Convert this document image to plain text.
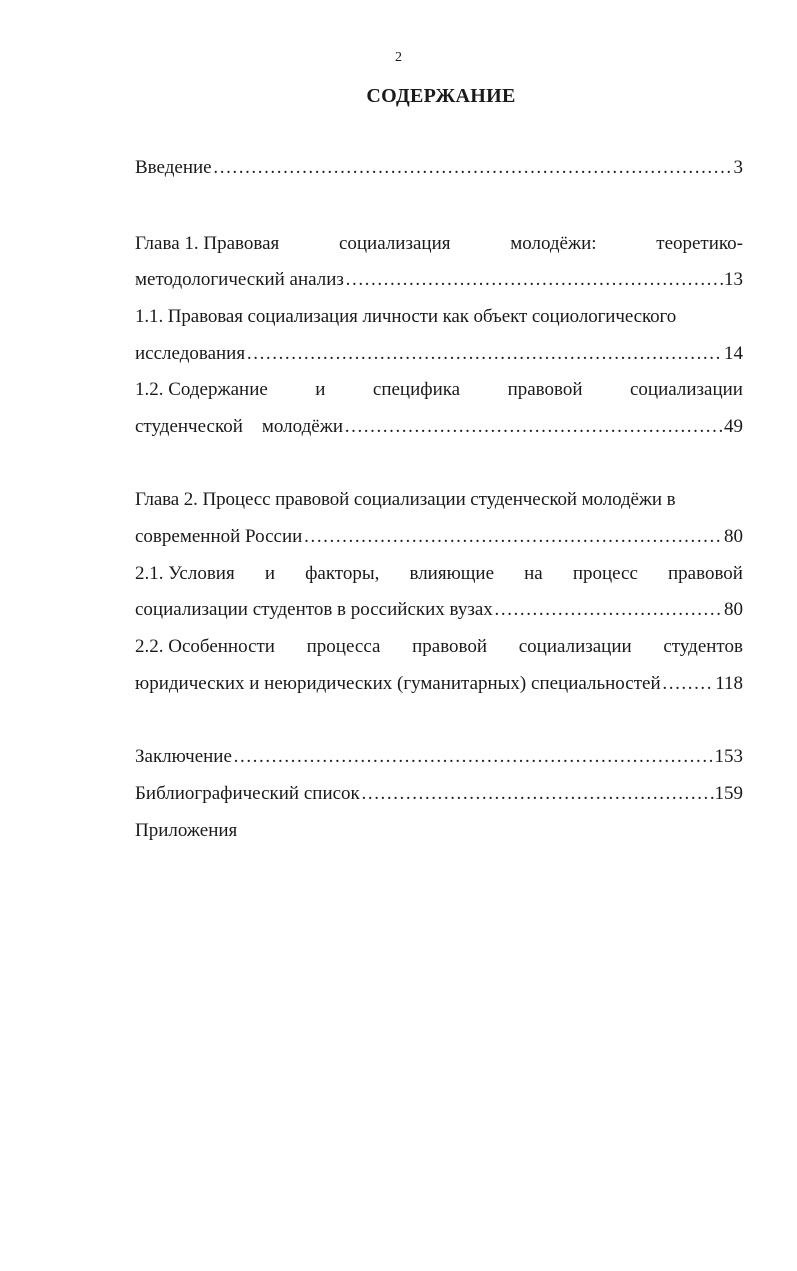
2
СОДЕРЖАНИЕ
Введение ……………………………………………………………………………………………………………………………………………………	3
Глава 1. Правовая	социализация	молодёжи:	теоретико-
методологический анализ ……………………………………………………………………………………………………………………………………………………	13
1.1. Правовая социализация личности как объект социологического
исследования ……………………………………………………………………………………………………………………………………………………	14
1.2. Содержание и специфика правовой социализации
студенческой    молодёжи ……………………………………………………………………………………………………………………………………………………	49
Глава 2. Процесс правовой социализации студенческой молодёжи в
современной России ……………………………………………………………………………………………………………………………………………………	80
2.1. Условия и факторы, влияющие на процесс правовой
социализации студентов в российских вузах ……………………………………………………………………………………………………………………………………………………	80
2.2. Особенности процесса правовой социализации студентов
юридических и неюридических (гуманитарных) специальностей ……………………………………………………………………………………………………………………………………………………	118
Заключение ……………………………………………………………………………………………………………………………………………………	153
Библиографический список ……………………………………………………………………………………………………………………………………………………	159
Приложения
